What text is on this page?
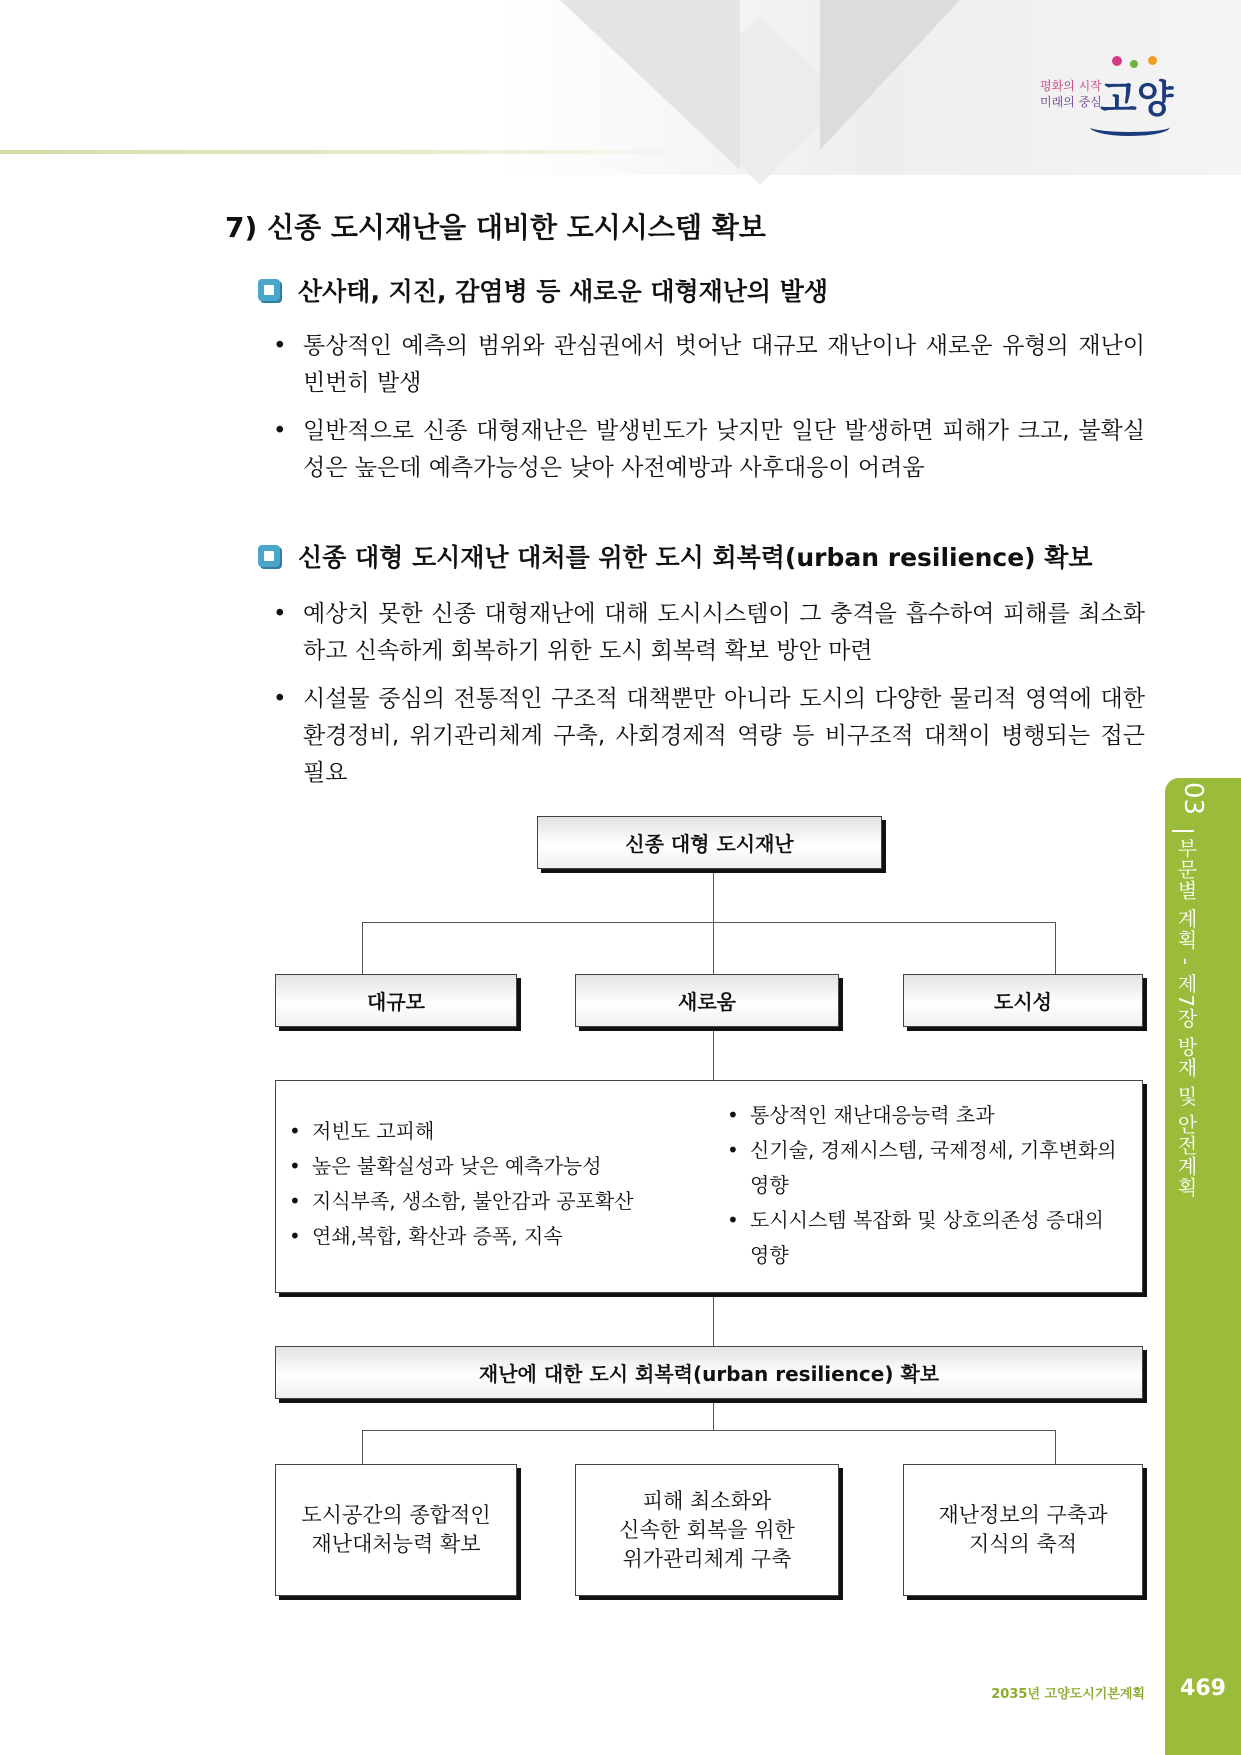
평화의 시작
미래의 중심
고양
03
부문별 계획 - 제7장 방재 및 안전계획
469
2035년 고양도시기본계획
7) 신종 도시재난을 대비한 도시시스템 확보
산사태, 지진, 감염병 등 새로운 대형재난의 발생
• 통상적인 예측의 범위와 관심권에서 벗어난 대규모 재난이나 새로운 유형의 재난이 빈번히 발생
• 일반적으로 신종 대형재난은 발생빈도가 낮지만 일단 발생하면 피해가 크고, 불확실성은 높은데 예측가능성은 낮아 사전예방과 사후대응이 어려움
신종 대형 도시재난 대처를 위한 도시 회복력(urban resilience) 확보
• 예상치 못한 신종 대형재난에 대해 도시시스템이 그 충격을 흡수하여 피해를 최소화하고 신속하게 회복하기 위한 도시 회복력 확보 방안 마련
• 시설물 중심의 전통적인 구조적 대책뿐만 아니라 도시의 다양한 물리적 영역에 대한 환경정비, 위기관리체계 구축, 사회경제적 역량 등 비구조적 대책이 병행되는 접근 필요
신종 대형 도시재난
대규모	새로움	도시성
• 저빈도 고피해
• 높은 불확실성과 낮은 예측가능성
• 지식부족, 생소함, 불안감과 공포확산
• 연쇄,복합, 확산과 증폭, 지속
• 통상적인 재난대응능력 초과
• 신기술, 경제시스템, 국제정세, 기후변화의 영향
• 도시시스템 복잡화 및 상호의존성 증대의 영향
재난에 대한 도시 회복력(urban resilience) 확보
도시공간의 종합적인
재난대처능력 확보
피해 최소화와
신속한 회복을 위한
위가관리체계 구축
재난정보의 구축과
지식의 축적
